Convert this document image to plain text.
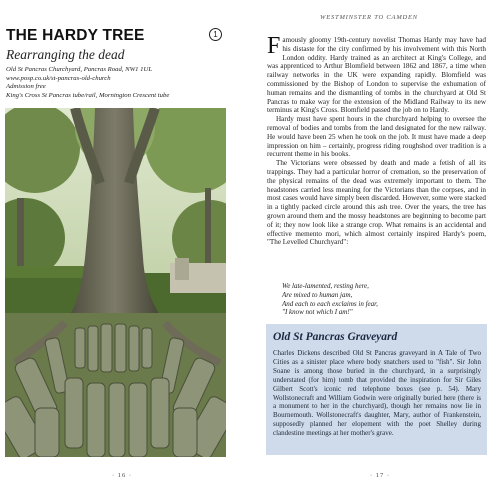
THE HARDY TREE	1
Rearranging the dead
Old St Pancras Churchyard, Pancras Road, NW1 1UL
www.posp.co.uk/st-pancras-old-church
Admission free
King's Cross St Pancras tube/rail, Mornington Crescent tube
· 16 ·
WESTMINSTER TO CAMDEN

Famously gloomy 19th-century novelist Thomas Hardy may have had his distaste for the city confirmed by his involvement with this North London oddity. Hardy trained as an architect at King's College, and was apprenticed to Arthur Blomfield between 1862 and 1867, a time when railway networks in the UK were expanding rapidly. Blomfield was commissioned by the Bishop of London to supervise the exhumation of human remains and the dismantling of tombs in the churchyard at Old St Pancras to make way for the extension of the Midland Railway to its new terminus at King's Cross. Blomfield passed the job on to Hardy.

Hardy must have spent hours in the churchyard helping to oversee the removal of bodies and tombs from the land designated for the new railway. He would have been 25 when he took on the job. It must have made a deep impression on him – certainly, progress riding roughshod over tradition is a recurrent theme in his books.

The Victorians were obsessed by death and made a fetish of all its trappings. They had a particular horror of cremation, so the preservation of the physical remains of the dead was extremely important to them. The headstones carried less meaning for the Victorians than the corpses, and in most cases would have simply been discarded. However, some were stacked in a tightly packed circle around this ash tree. Over the years, the tree has grown around them and the mossy headstones are beginning to become part of it; they now look like a strange crop. What remains is an accidental and effective memento mori, which almost certainly inspired Hardy's poem, "The Levelled Churchyard":

We late-lamented, resting here,
Are mixed to human jam,
And each to each exclaims in fear,
"I know not which I am!"
Old St Pancras Graveyard
Charles Dickens described Old St Pancras graveyard in A Tale of Two Cities as a sinister place where body snatchers used to "fish". Sir John Soane is among those buried in the churchyard, in a surprisingly understated (for him) tomb that provided the inspiration for Sir Giles Gilbert Scott's iconic red telephone boxes (see p. 54). Mary Wollstonecraft and William Godwin were originally buried here (there is a monument to her in the churchyard), though her remains now lie in Bournemouth. Wollstonecraft's daughter, Mary, author of Frankenstein, supposedly planned her elopement with the poet Shelley during clandestine meetings at her mother's grave.
· 17 ·
